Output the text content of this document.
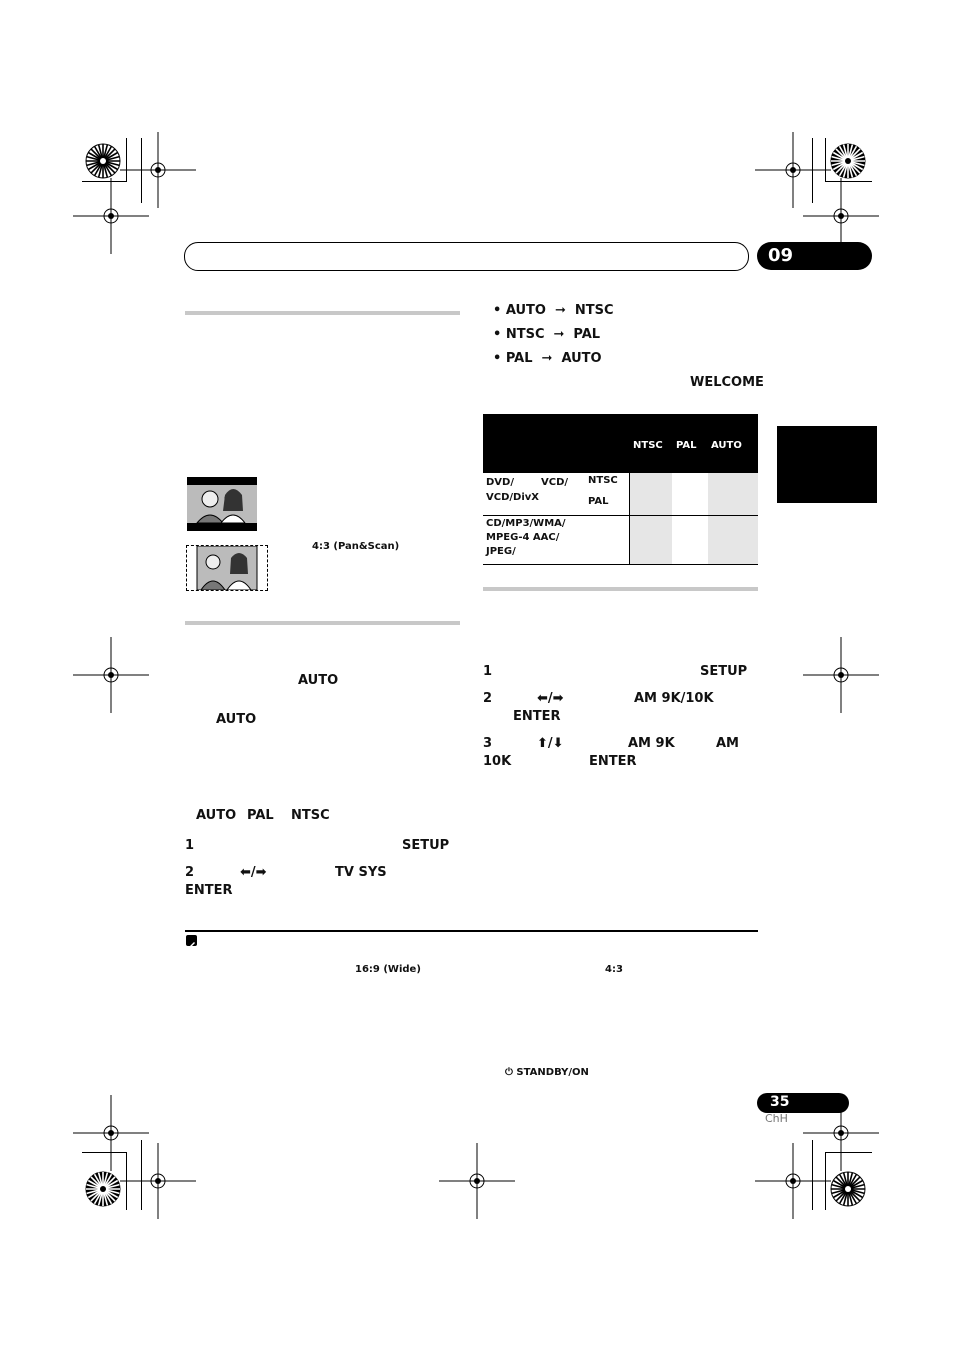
09
4:3 (Pan&Scan)
AUTO
AUTO
AUTO PAL NTSC
1	SETUP
2	⬅/➡	TV SYS
ENTER
• AUTO ➞ NTSC
• NTSC ➞ PAL
• PAL ➞ AUTO
WELCOME
NTSC PAL AUTO
DVD/	VCD/
VCD/DivX
NTSC
PAL
CD/MP3/WMA/
MPEG-4 AAC/
JPEG/
1	SETUP
2	⬅/➡	AM 9K/10K
ENTER
3	⬆/⬇	AM 9K	AM
10K	ENTER
16:9 (Wide)	4:3
⏻ STANDBY/ON
35
ChH
